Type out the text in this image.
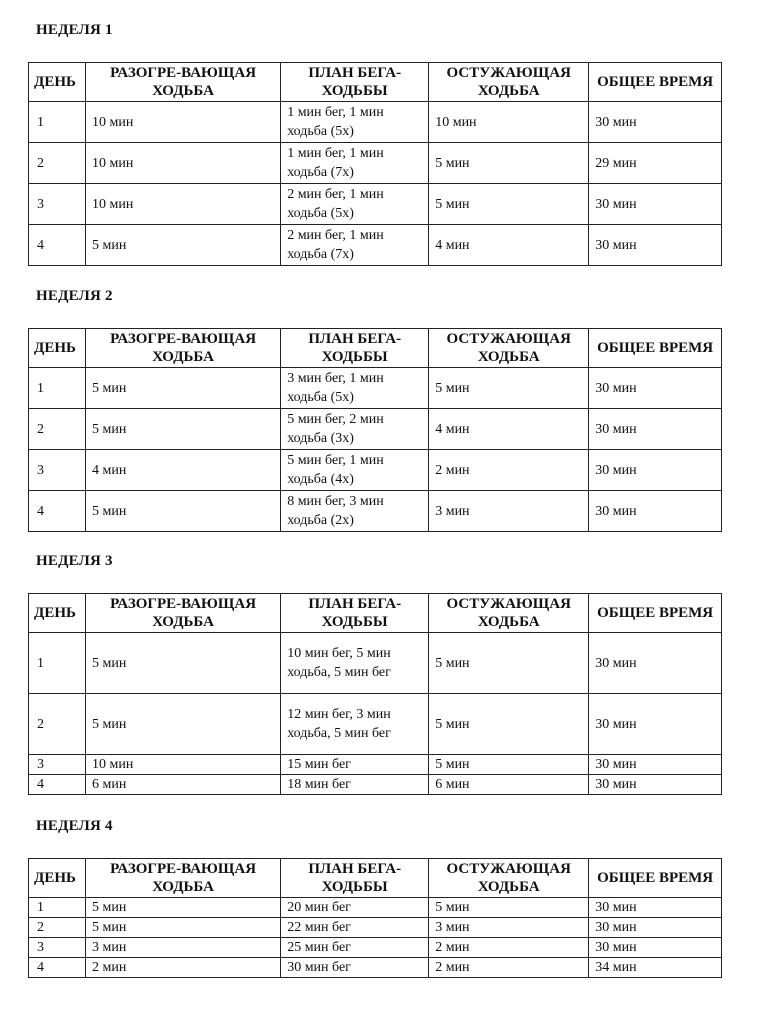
НЕДЕЛЯ 1
ДЕНЬ	РАЗОГРЕ-ВАЮЩАЯ ХОДЬБА	ПЛАН БЕГА-ХОДЬБЫ	ОСТУЖАЮЩАЯ ХОДЬБА	ОБЩЕЕ ВРЕМЯ
1	10 мин	1 мин бег, 1 мин ходьба (5х)	10 мин	30 мин
2	10 мин	1 мин бег, 1 мин ходьба (7х)	5 мин	29 мин
3	10 мин	2 мин бег, 1 мин ходьба (5х)	5 мин	30 мин
4	5 мин	2 мин бег, 1 мин ходьба (7х)	4 мин	30 мин
НЕДЕЛЯ 2
ДЕНЬ	РАЗОГРЕ-ВАЮЩАЯ ХОДЬБА	ПЛАН БЕГА-ХОДЬБЫ	ОСТУЖАЮЩАЯ ХОДЬБА	ОБЩЕЕ ВРЕМЯ
1	5 мин	3 мин бег, 1 мин ходьба (5х)	5 мин	30 мин
2	5 мин	5 мин бег, 2 мин ходьба (3х)	4 мин	30 мин
3	4 мин	5 мин бег, 1 мин ходьба (4х)	2 мин	30 мин
4	5 мин	8 мин бег, 3 мин ходьба (2х)	3 мин	30 мин
НЕДЕЛЯ 3
ДЕНЬ	РАЗОГРЕ-ВАЮЩАЯ ХОДЬБА	ПЛАН БЕГА-ХОДЬБЫ	ОСТУЖАЮЩАЯ ХОДЬБА	ОБЩЕЕ ВРЕМЯ
1	5 мин	10 мин бег, 5 мин ходьба, 5 мин бег	5 мин	30 мин
2	5 мин	12 мин бег, 3 мин ходьба, 5 мин бег	5 мин	30 мин
3	10 мин	15 мин бег	5 мин	30 мин
4	6 мин	18 мин бег	6 мин	30 мин
НЕДЕЛЯ 4
ДЕНЬ	РАЗОГРЕ-ВАЮЩАЯ ХОДЬБА	ПЛАН БЕГА-ХОДЬБЫ	ОСТУЖАЮЩАЯ ХОДЬБА	ОБЩЕЕ ВРЕМЯ
1	5 мин	20 мин бег	5 мин	30 мин
2	5 мин	22 мин бег	3 мин	30 мин
3	3 мин	25 мин бег	2 мин	30 мин
4	2 мин	30 мин бег	2 мин	34 мин
